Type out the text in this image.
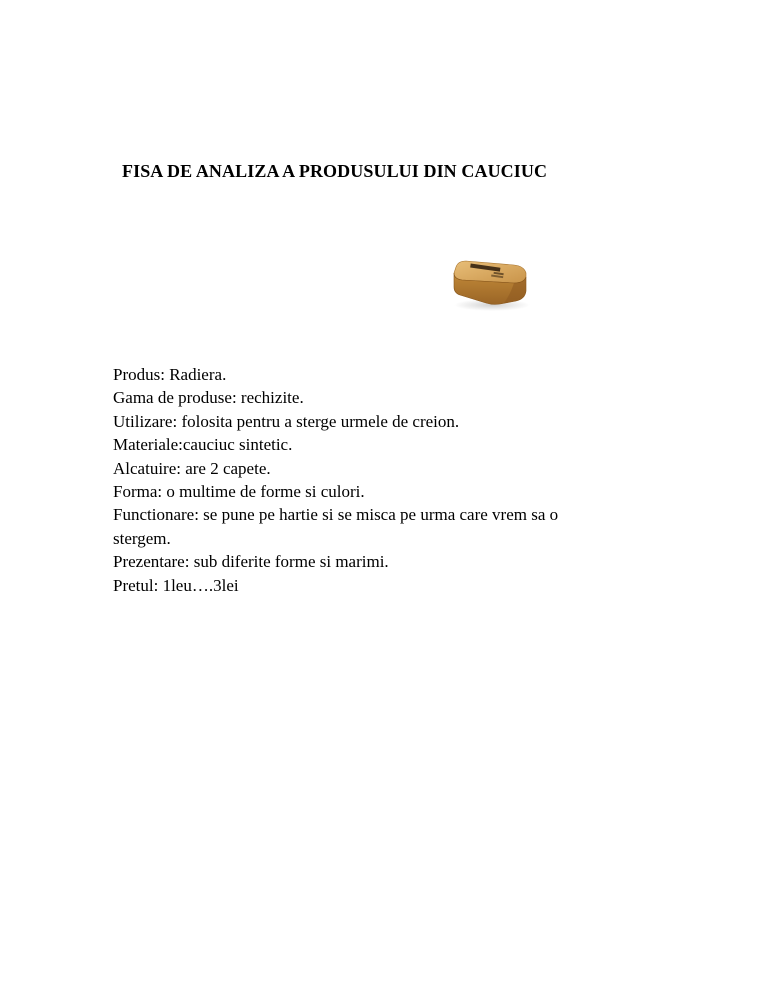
FISA DE ANALIZA A PRODUSULUI DIN CAUCIUC
Produs: Radiera.
Gama de produse: rechizite.
Utilizare: folosita pentru a sterge urmele de creion.
Materiale:cauciuc sintetic.
Alcatuire: are 2 capete.
Forma: o multime de forme si culori.
Functionare: se pune pe hartie si se misca pe urma care vrem sa o
stergem.
Prezentare: sub diferite forme si marimi.
Pretul: 1leu….3lei
